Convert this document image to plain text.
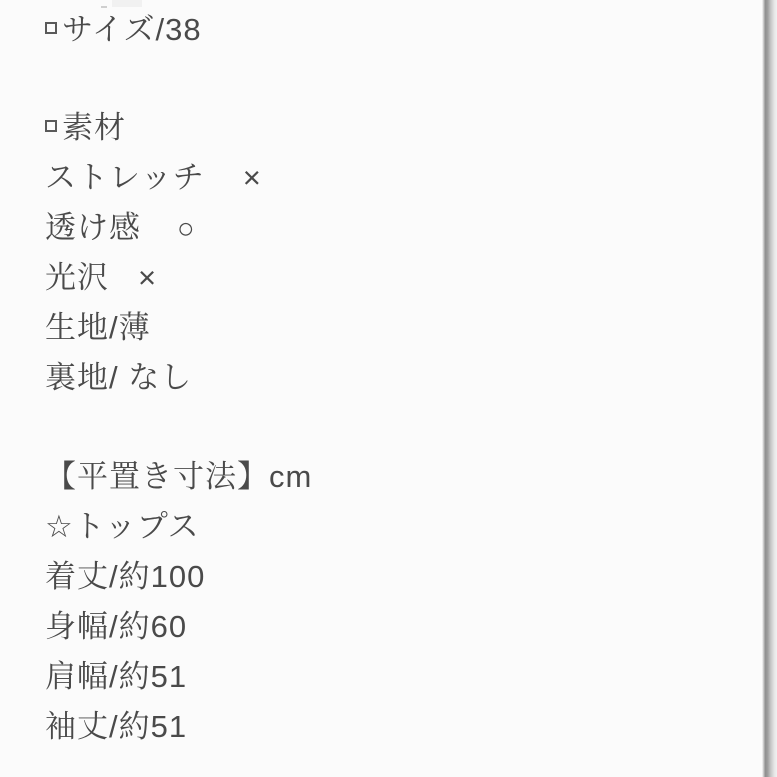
サイズ/38
素材
ストレッチ ×
透け感 ○
光沢 ×
生地/薄
裏地/ なし
【平置き寸法】cm
☆トップス
着丈/約100
身幅/約60
肩幅/約51
袖丈/約51
